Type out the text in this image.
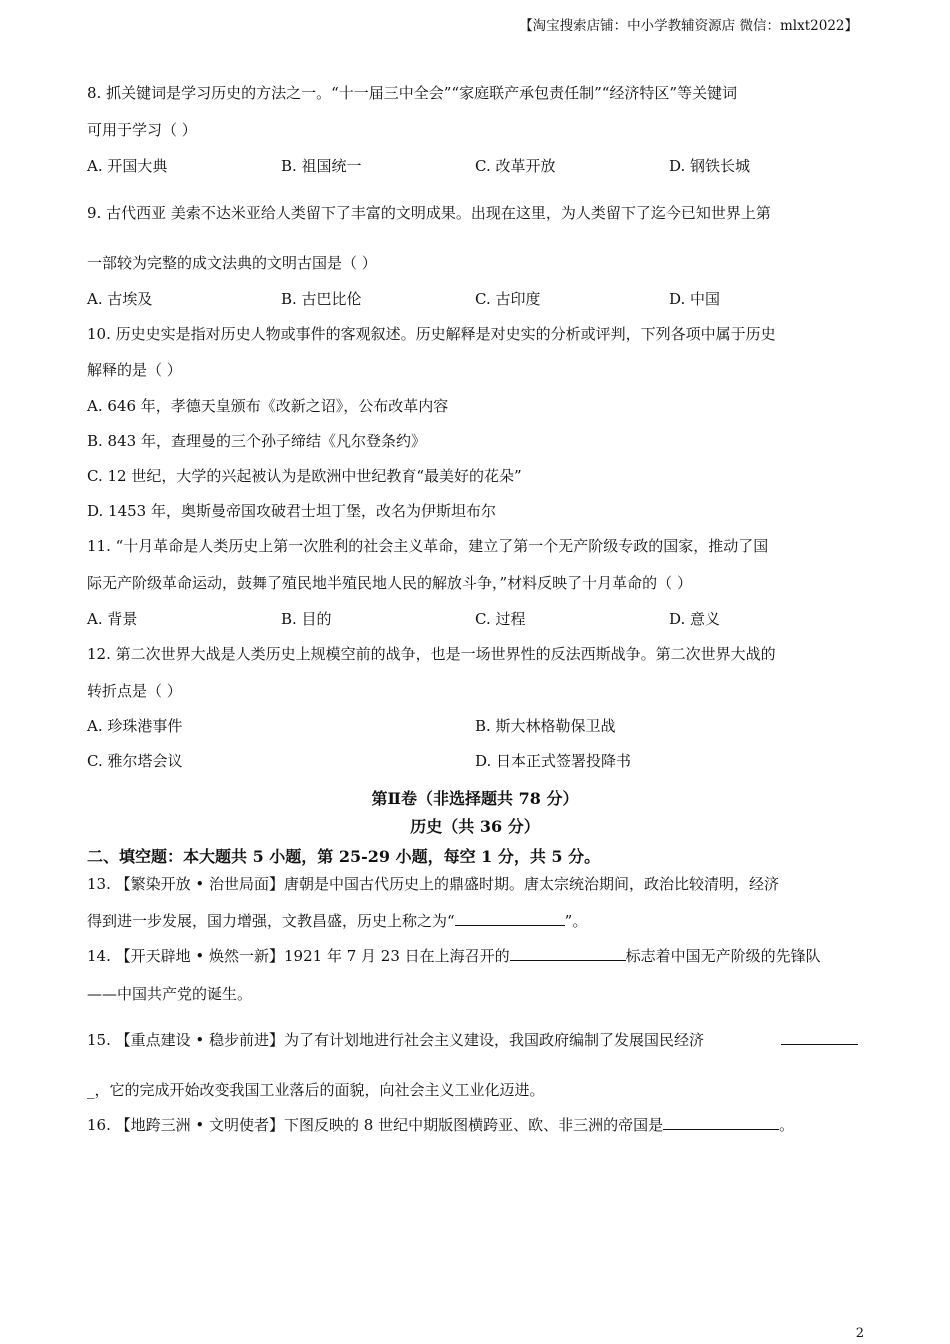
【淘宝搜索店铺：中小学教辅资源店 微信：mlxt2022】
8. 抓关键词是学习历史的方法之一。“十一届三中全会”“家庭联产承包责任制”“经济特区”等关键词
可用于学习（ ）
A. 开国大典	B. 祖国统一	C. 改革开放	D. 钢铁长城
9. 古代西亚 美索不达米亚给人类留下了丰富的文明成果。出现在这里，为人类留下了迄今已知世界上第
一部较为完整的成文法典的文明古国是（ ）
A. 古埃及	B. 古巴比伦	C. 古印度	D. 中国
10. 历史史实是指对历史人物或事件的客观叙述。历史解释是对史实的分析或评判，下列各项中属于历史
解释的是（ ）
A. 646 年，孝德天皇颁布《改新之诏》，公布改革内容
B. 843 年，查理曼的三个孙子缔结《凡尔登条约》
C. 12 世纪，大学的兴起被认为是欧洲中世纪教育“最美好的花朵”
D. 1453 年，奥斯曼帝国攻破君士坦丁堡，改名为伊斯坦布尔
11. “十月革命是人类历史上第一次胜利的社会主义革命，建立了第一个无产阶级专政的国家，推动了国
际无产阶级革命运动，鼓舞了殖民地半殖民地人民的解放斗争，”材料反映了十月革命的（ ）
A. 背景	B. 目的	C. 过程	D. 意义
12. 第二次世界大战是人类历史上规模空前的战争，也是一场世界性的反法西斯战争。第二次世界大战的
转折点是（ ）
A. 珍珠港事件	B. 斯大林格勒保卫战
C. 雅尔塔会议	D. 日本正式签署投降书
第Ⅱ卷（非选择题共 78 分）
历史（共 36 分）
二、填空题：本大题共 5 小题，第 25-29 小题，每空 1 分，共 5 分。
13. 【繁染开放 • 治世局面】唐朝是中国古代历史上的鼎盛时期。唐太宗统治期间，政治比较清明，经济
得到进一步发展，国力增强，文教昌盛，历史上称之为“	”。
14. 【开天辟地 • 焕然一新】1921 年 7 月 23 日在上海召开的	标志着中国无产阶级的先锋队
——中国共产党的诞生。
15. 【重点建设 • 稳步前进】为了有计划地进行社会主义建设，我国政府编制了发展国民经济
_，它的完成开始改变我国工业落后的面貌，向社会主义工业化迈进。
16. 【地跨三洲 • 文明使者】下图反映的 8 世纪中期版图横跨亚、欧、非三洲的帝国是	。
2
